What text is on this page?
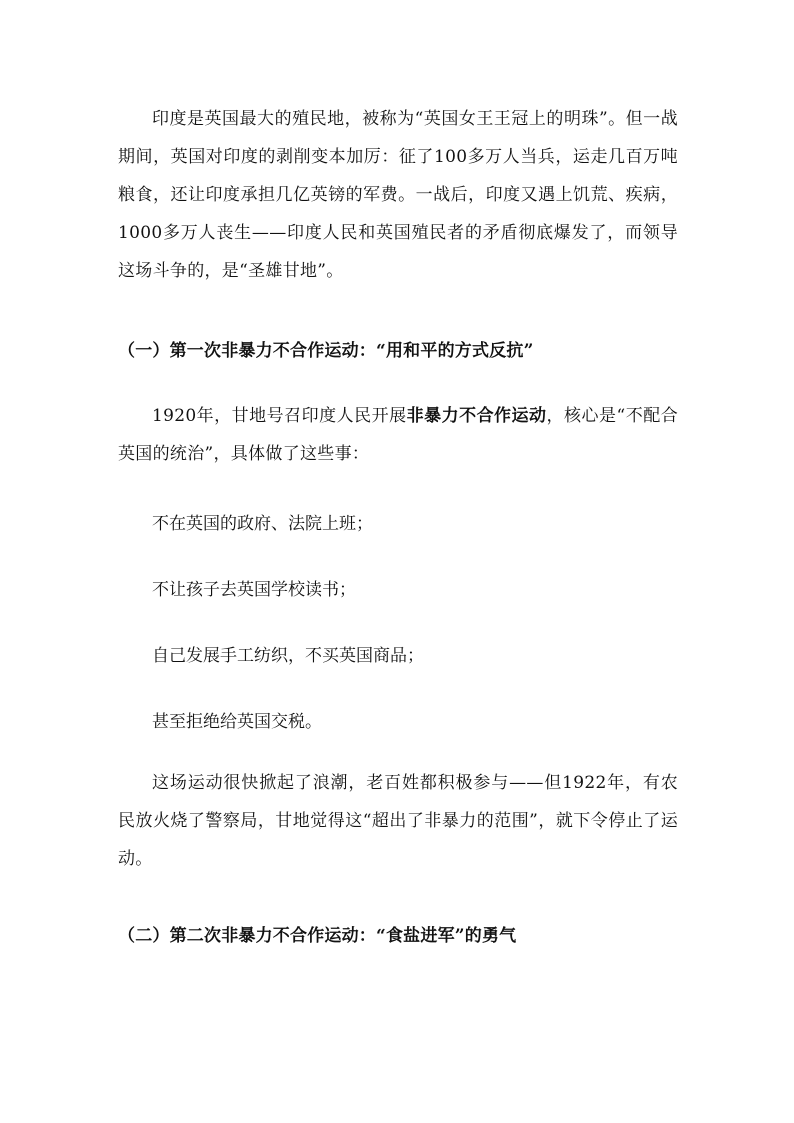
印度是英国最大的殖民地，被称为“英国女王王冠上的明珠”。但一战期间，英国对印度的剥削变本加厉：征了100多万人当兵，运走几百万吨粮食，还让印度承担几亿英镑的军费。一战后，印度又遇上饥荒、疾病，1000多万人丧生——印度人民和英国殖民者的矛盾彻底爆发了，而领导这场斗争的，是“圣雄甘地”。

（一）第一次非暴力不合作运动：“用和平的方式反抗”

1920年，甘地号召印度人民开展非暴力不合作运动，核心是“不配合英国的统治”，具体做了这些事：

不在英国的政府、法院上班；

不让孩子去英国学校读书；

自己发展手工纺织，不买英国商品；

甚至拒绝给英国交税。

这场运动很快掀起了浪潮，老百姓都积极参与——但1922年，有农民放火烧了警察局，甘地觉得这“超出了非暴力的范围”，就下令停止了运动。

（二）第二次非暴力不合作运动：“食盐进军”的勇气
